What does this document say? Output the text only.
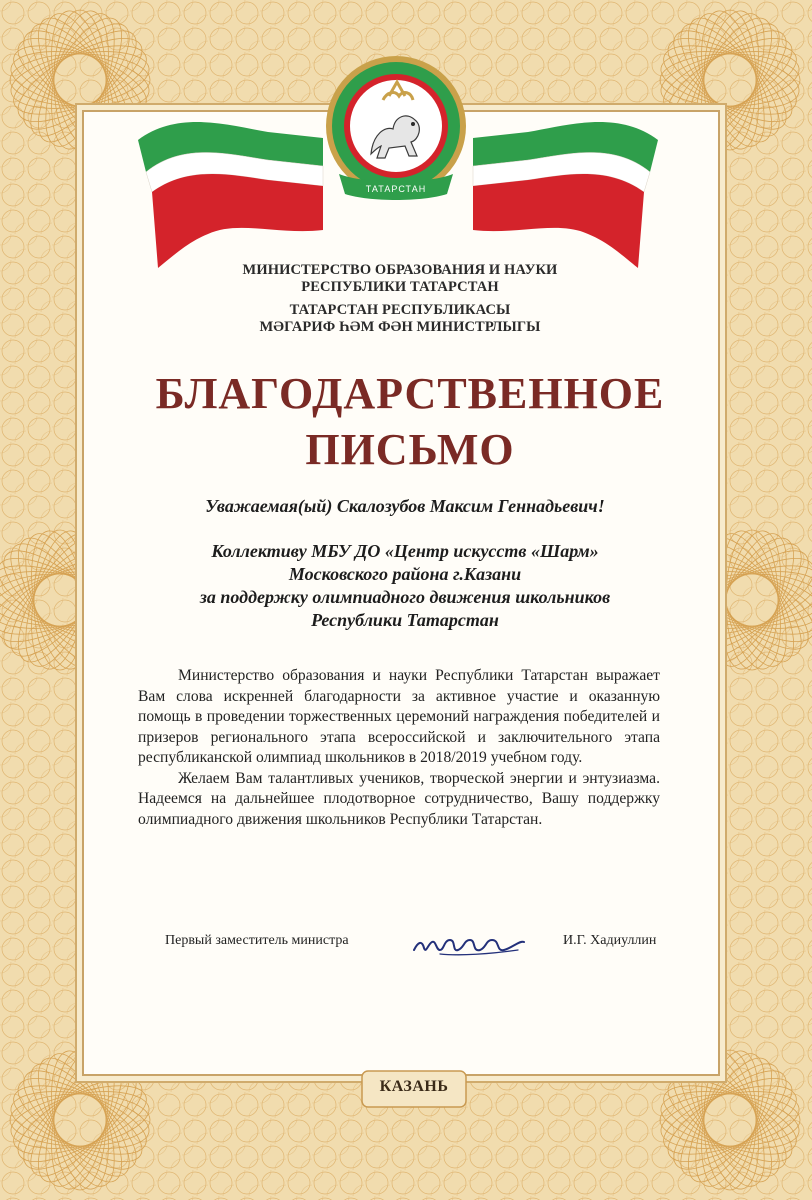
ТАТАРСТАН
МИНИСТЕРСТВО ОБРАЗОВАНИЯ И НАУКИ
РЕСПУБЛИКИ ТАТАРСТАН
ТАТАРСТАН РЕСПУБЛИКАСЫ
МӘГАРИФ ҺӘМ ФӘН МИНИСТРЛЫГЫ
БЛАГОДАРСТВЕННОЕ
ПИСЬМО
Уважаемая(ый) Скалозубов Максим Геннадьевич!
Коллективу МБУ ДО «Центр искусств «Шарм»
Московского района г.Казани
за поддержку олимпиадного движения школьников
Республики Татарстан

Министерство образования и науки Республики Татарстан выражает Вам слова искренней благодарности за активное участие и оказанную помощь в проведении торжественных церемоний награждения победителей и призеров регионального этапа всероссийской и заключительного этапа республиканской олимпиад школьников в 2018/2019 учебном году.

Желаем Вам талантливых учеников, творческой энергии и энтузиазма. Надеемся на дальнейшее плодотворное сотрудничество, Вашу поддержку олимпиадного движения школьников Республики Татарстан.

Первый заместитель министра	И.Г. Хадиуллин
КАЗАНЬ
